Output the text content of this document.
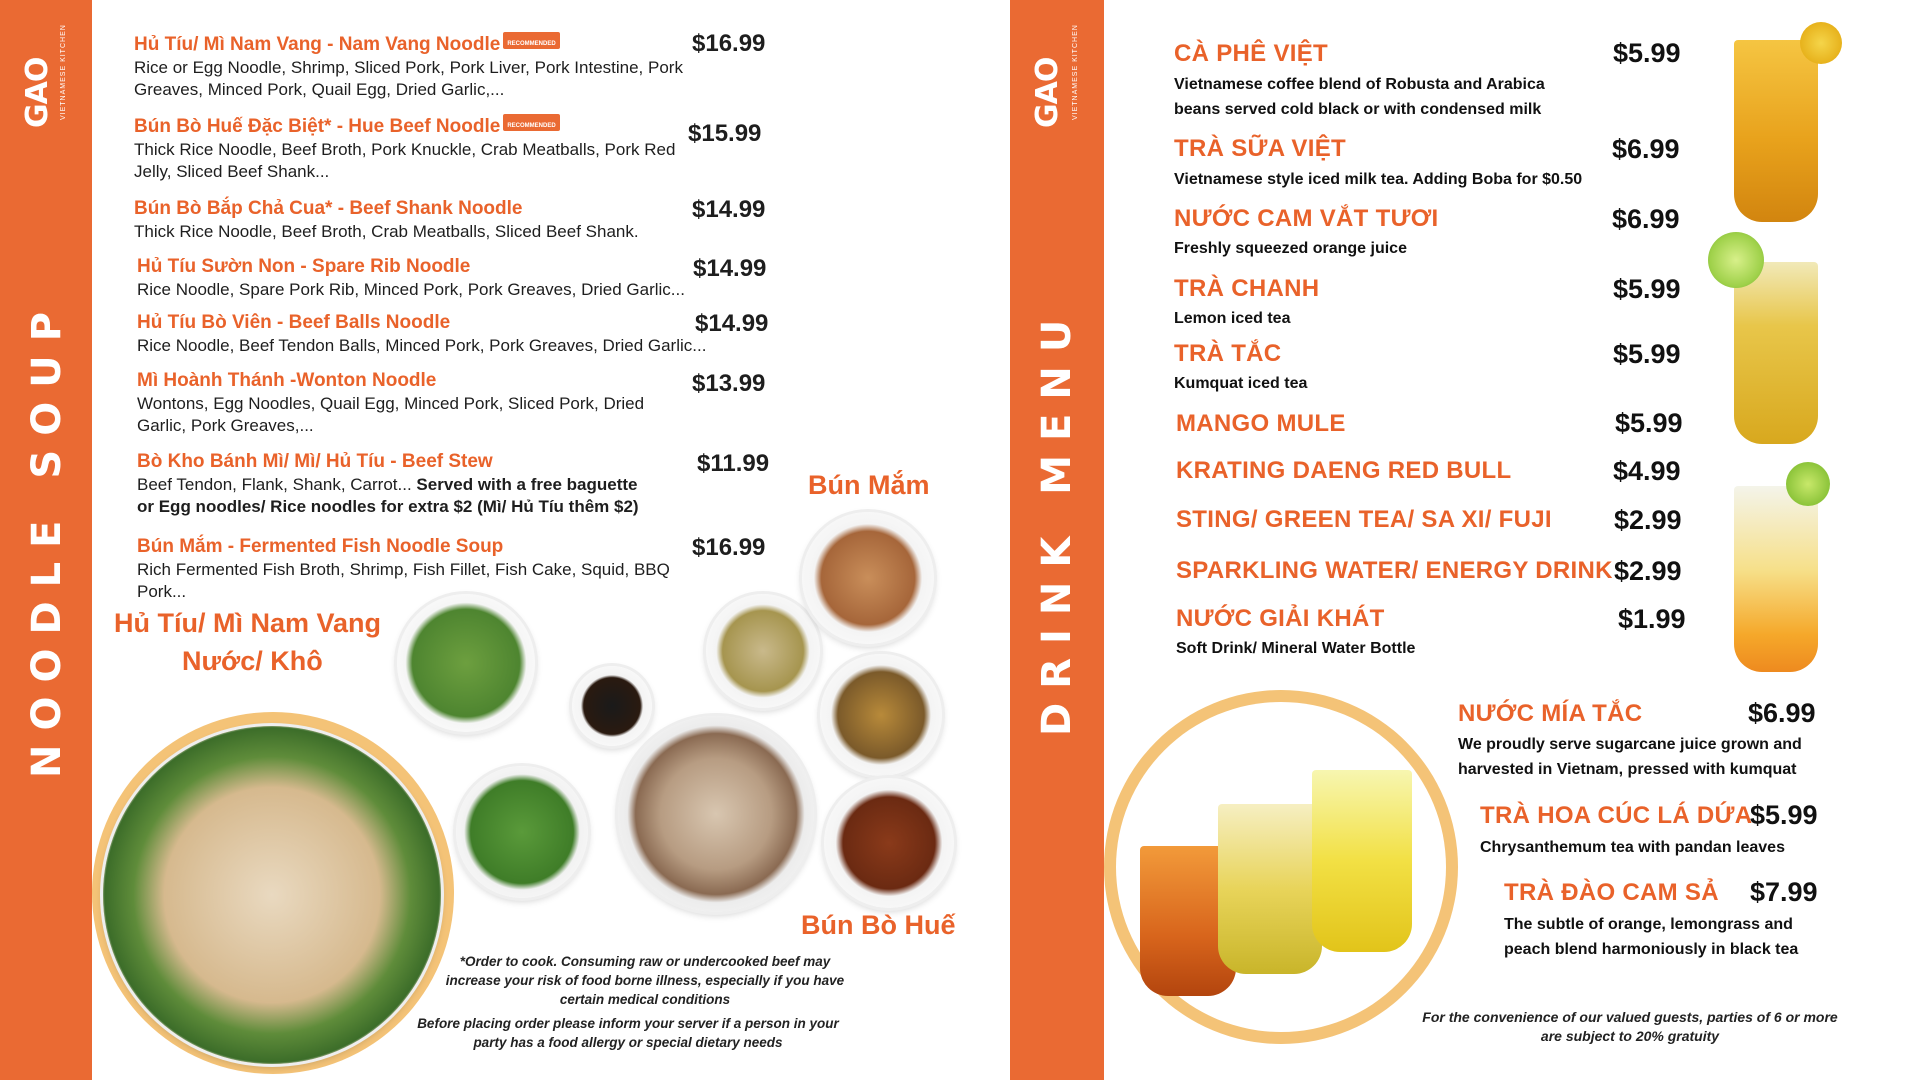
GAO VIETNAMESE KITCHEN
NOODLE SOUP
GAO VIETNAMESE KITCHEN
DRINK MENU
Hủ Tíu/ Mì Nam Vang - Nam Vang Noodle RECOMMENDED
Rice or Egg Noodle, Shrimp, Sliced Pork, Pork Liver, Pork Intestine, Pork Greaves, Minced Pork, Quail Egg, Dried Garlic,...
$16.99
Bún Bò Huế Đặc Biệt* - Hue Beef Noodle RECOMMENDED
Thick Rice Noodle, Beef Broth, Pork Knuckle, Crab Meatballs, Pork Red Jelly, Sliced Beef Shank...
$15.99
Bún Bò Bắp Chả Cua* - Beef Shank Noodle
Thick Rice Noodle, Beef Broth, Crab Meatballs, Sliced Beef Shank.
$14.99
Hủ Tíu Sườn Non - Spare Rib Noodle
Rice Noodle, Spare Pork Rib, Minced Pork, Pork Greaves, Dried Garlic...
$14.99
Hủ Tíu Bò Viên - Beef Balls Noodle
Rice Noodle, Beef Tendon Balls, Minced Pork, Pork Greaves, Dried Garlic...
$14.99
Mì Hoành Thánh -Wonton Noodle
Wontons, Egg Noodles, Quail Egg, Minced Pork, Sliced Pork, Dried Garlic, Pork Greaves,...
$13.99
Bò Kho Bánh Mì/ Mì/ Hủ Tíu - Beef Stew
Beef Tendon, Flank, Shank, Carrot... Served with a free baguette or Egg noodles/ Rice noodles for extra $2 (Mì/ Hủ Tíu thêm $2)
$11.99
Bún Mắm - Fermented Fish Noodle Soup
Rich Fermented Fish Broth, Shrimp, Fish Fillet, Fish Cake, Squid, BBQ Pork...
$16.99
Bún Mắm
Hủ Tíu/ Mì Nam Vang
Nước/ Khô
Bún Bò Huế
*Order to cook. Consuming raw or undercooked beef may increase your risk of food borne illness, especially if you have certain medical conditions
Before placing order please inform your server if a person in your party has a food allergy or special dietary needs
CÀ PHÊ VIỆT	$5.99
Vietnamese coffee blend of Robusta and Arabica
beans served cold black or with condensed milk
TRÀ SỮA VIỆT	$6.99
Vietnamese style iced milk tea. Adding Boba for $0.50
NƯỚC CAM VẮT TƯƠI	$6.99
Freshly squeezed orange juice
TRÀ CHANH	$5.99
Lemon iced tea
TRÀ TẮC	$5.99
Kumquat iced tea
MANGO MULE	$5.99
KRATING DAENG RED BULL	$4.99
STING/ GREEN TEA/ SA XI/ FUJI $2.99
SPARKLING WATER/ ENERGY DRINK $2.99
NƯỚC GIẢI KHÁT	$1.99
Soft Drink/ Mineral Water Bottle
NƯỚC MÍA TẮC	$6.99
We proudly serve sugarcane juice grown and
harvested in Vietnam, pressed with kumquat
TRÀ HOA CÚC LÁ DỨA
$5.99
Chrysanthemum tea with pandan leaves
TRÀ ĐÀO CAM SẢ $7.99
The subtle of orange, lemongrass and
peach blend harmoniously in black tea
For the convenience of our valued guests, parties of 6 or more are subject to 20% gratuity
